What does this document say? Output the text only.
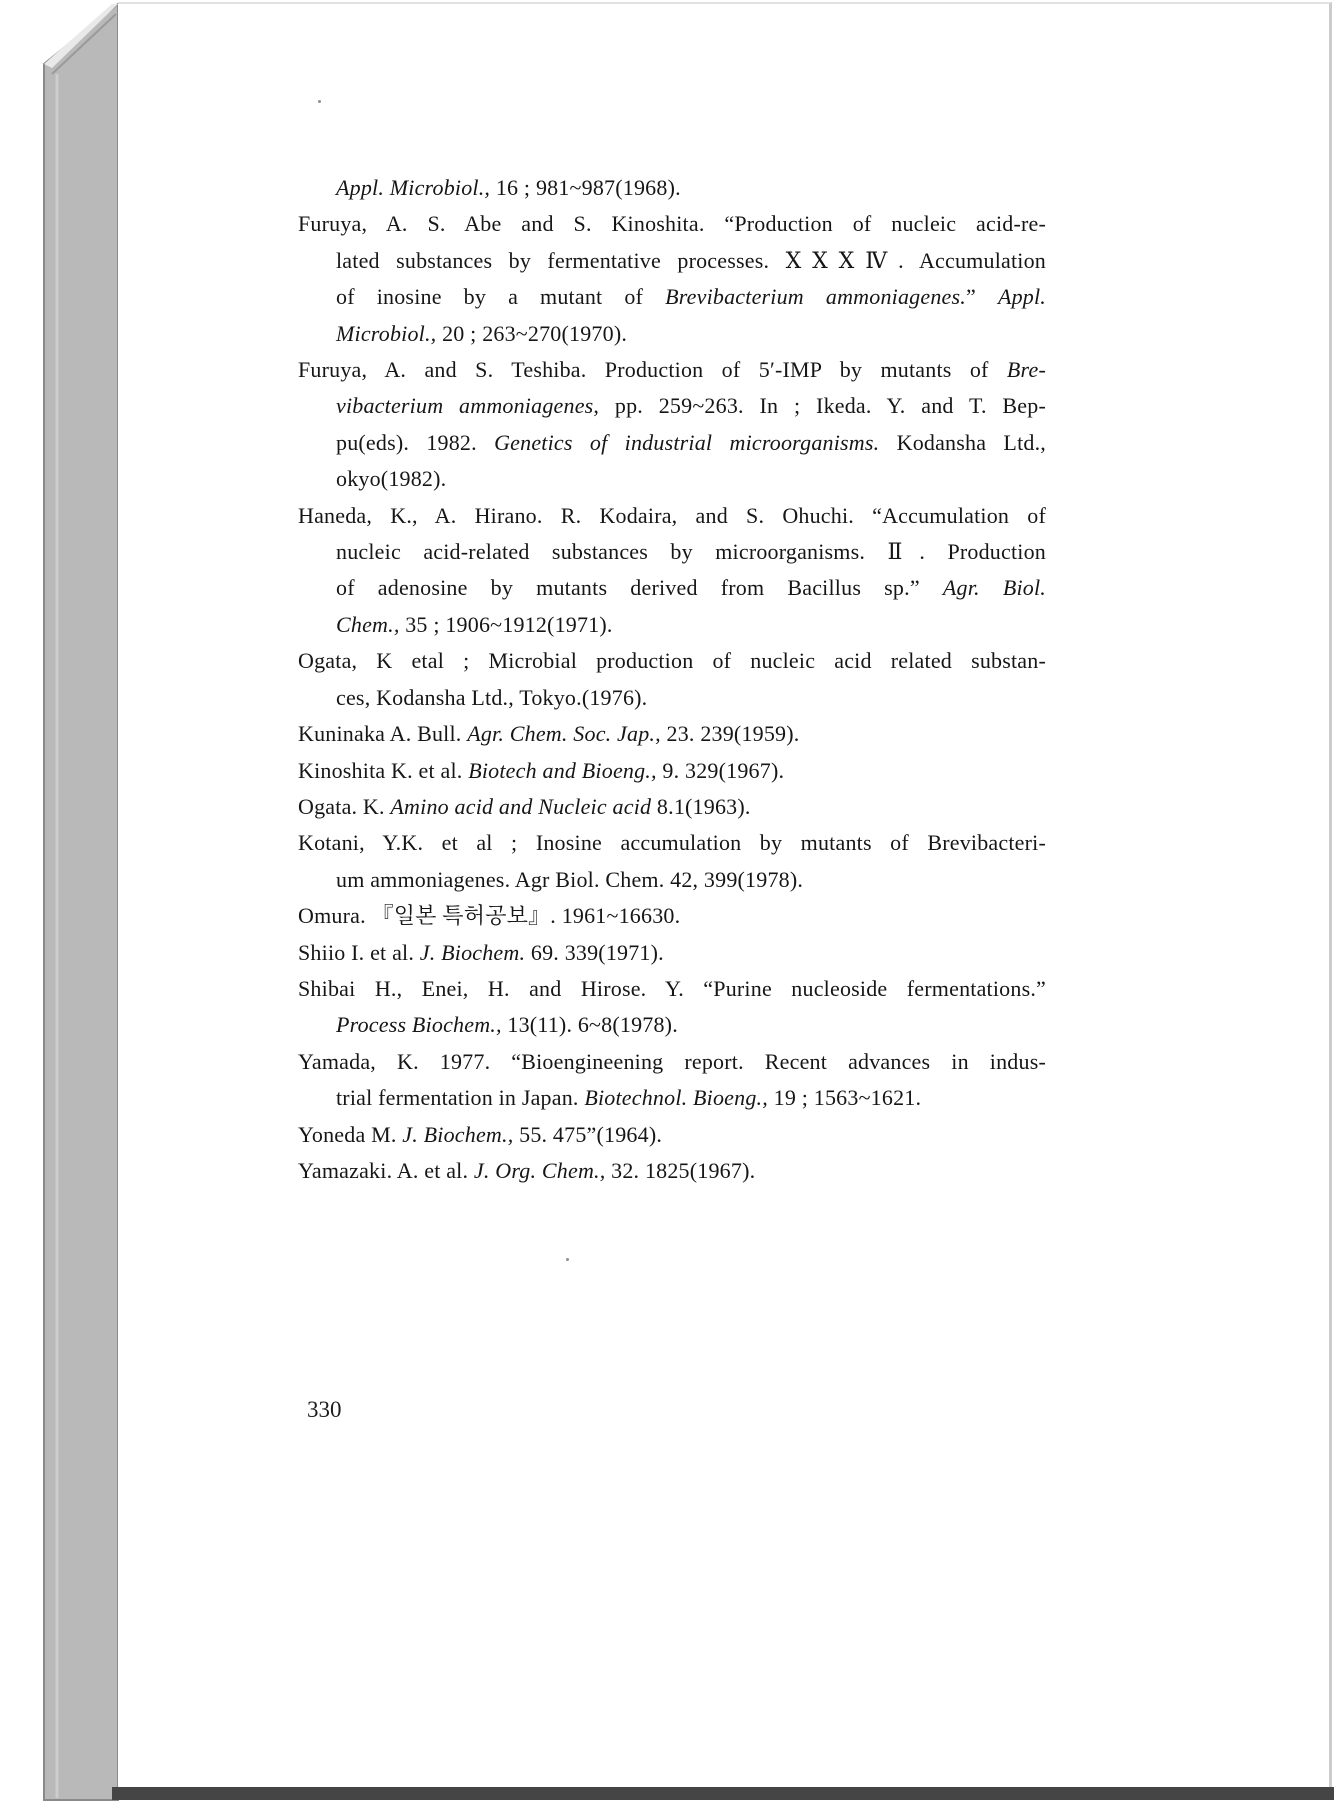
Appl. Microbiol., 16 ; 981~987(1968).
Furuya, A. S. Abe and S. Kinoshita. “Production of nucleic acid-re-
lated substances by fermentative processes. ⅩⅩⅩⅣ. Accumulation
of inosine by a mutant of Brevibacterium ammoniagenes.” Appl.
Microbiol., 20 ; 263~270(1970).
Furuya, A. and S. Teshiba. Production of 5′-IMP by mutants of Bre-
vibacterium ammoniagenes, pp. 259~263. In ; Ikeda. Y. and T. Bep-
pu(eds). 1982. Genetics of industrial microorganisms. Kodansha Ltd.,
okyo(1982).
Haneda, K., A. Hirano. R. Kodaira, and S. Ohuchi. “Accumulation of
nucleic acid-related substances by microorganisms. Ⅱ. Production
of adenosine by mutants derived from Bacillus sp.” Agr. Biol.
Chem., 35 ; 1906~1912(1971).
Ogata, K etal ; Microbial production of nucleic acid related substan-
ces, Kodansha Ltd., Tokyo.(1976).
Kuninaka A. Bull. Agr. Chem. Soc. Jap., 23. 239(1959).
Kinoshita K. et al. Biotech and Bioeng., 9. 329(1967).
Ogata. K. Amino acid and Nucleic acid 8.1(1963).
Kotani, Y.K. et al ; Inosine accumulation by mutants of Brevibacteri-
um ammoniagenes. Agr Biol. Chem. 42, 399(1978).
Omura. 『일본 특허공보』. 1961~16630.
Shiio I. et al. J. Biochem. 69. 339(1971).
Shibai H., Enei, H. and Hirose. Y. “Purine nucleoside fermentations.”
Process Biochem., 13(11). 6~8(1978).
Yamada, K. 1977. “Bioengineening report. Recent advances in indus-
trial fermentation in Japan. Biotechnol. Bioeng., 19 ; 1563~1621.
Yoneda M. J. Biochem., 55. 475”(1964).
Yamazaki. A. et al. J. Org. Chem., 32. 1825(1967).
330
